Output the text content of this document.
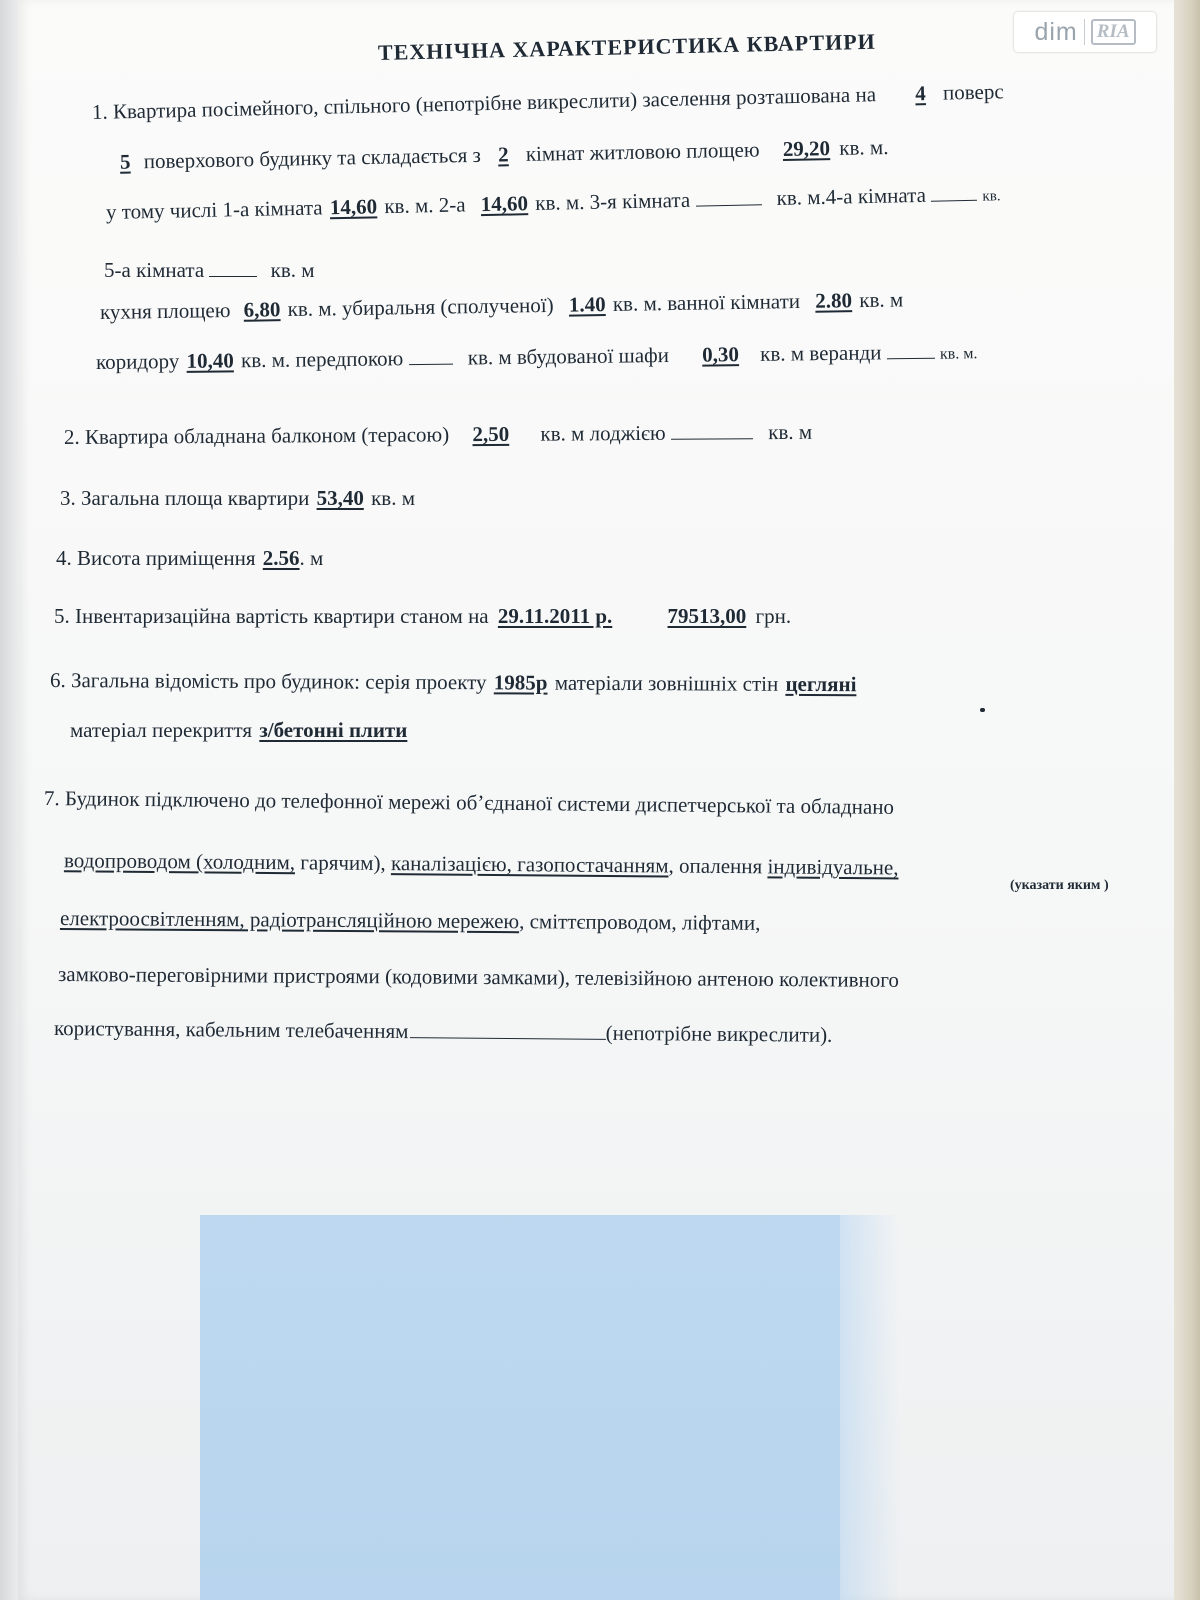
dim	RIA
ТЕХНІЧНА ХАРАКТЕРИСТИКА КВАРТИРИ
1. Квартира посімейного, спільного (непотрібне викреслити) заселення розташована на 4 поверс
5 поверхового будинку та складається з 2 кімнат житловою площею 29,20 кв. м.
у тому числі 1-а кімната 14,60 кв. м. 2-а 14,60 кв. м. 3-я кімната	кв. м.4-а кімната	кв.
5-а кімната	кв. м
кухня площею 6,80 кв. м. убиральня (сполученої) 1.40 кв. м. ванної кімнати 2.80 кв. м
коридору 10,40 кв. м. передпокою	кв. м вбудованої шафи 0,30 кв. м веранди	кв. м.
2. Квартира обладнана балконом (терасою) 2,50 кв. м лоджією	кв. м
3. Загальна площа квартири 53,40 кв. м
4. Висота приміщення 2.56. м
5. Інвентаризаційна вартість квартири станом на 29.11.2011 р.	79513,00 грн.
6. Загальна відомість про будинок: серія проекту 1985р матеріали зовнішніх стін цегляні
матеріал перекриття з/бетонні плити
7. Будинок підключено до телефонної мережі об’єднаної системи диспетчерської та обладнано
водопроводом (холодним, гарячим), каналізацією, газопостачанням, опалення індивідуальне,
(указати яким )
електроосвітленням, радіотрансляційною мережею, сміттєпроводом, ліфтами,
замково-переговірними пристроями (кодовими замками), телевізійною антеною колективного
користування, кабельним телебаченням	(непотрібне викреслити).
